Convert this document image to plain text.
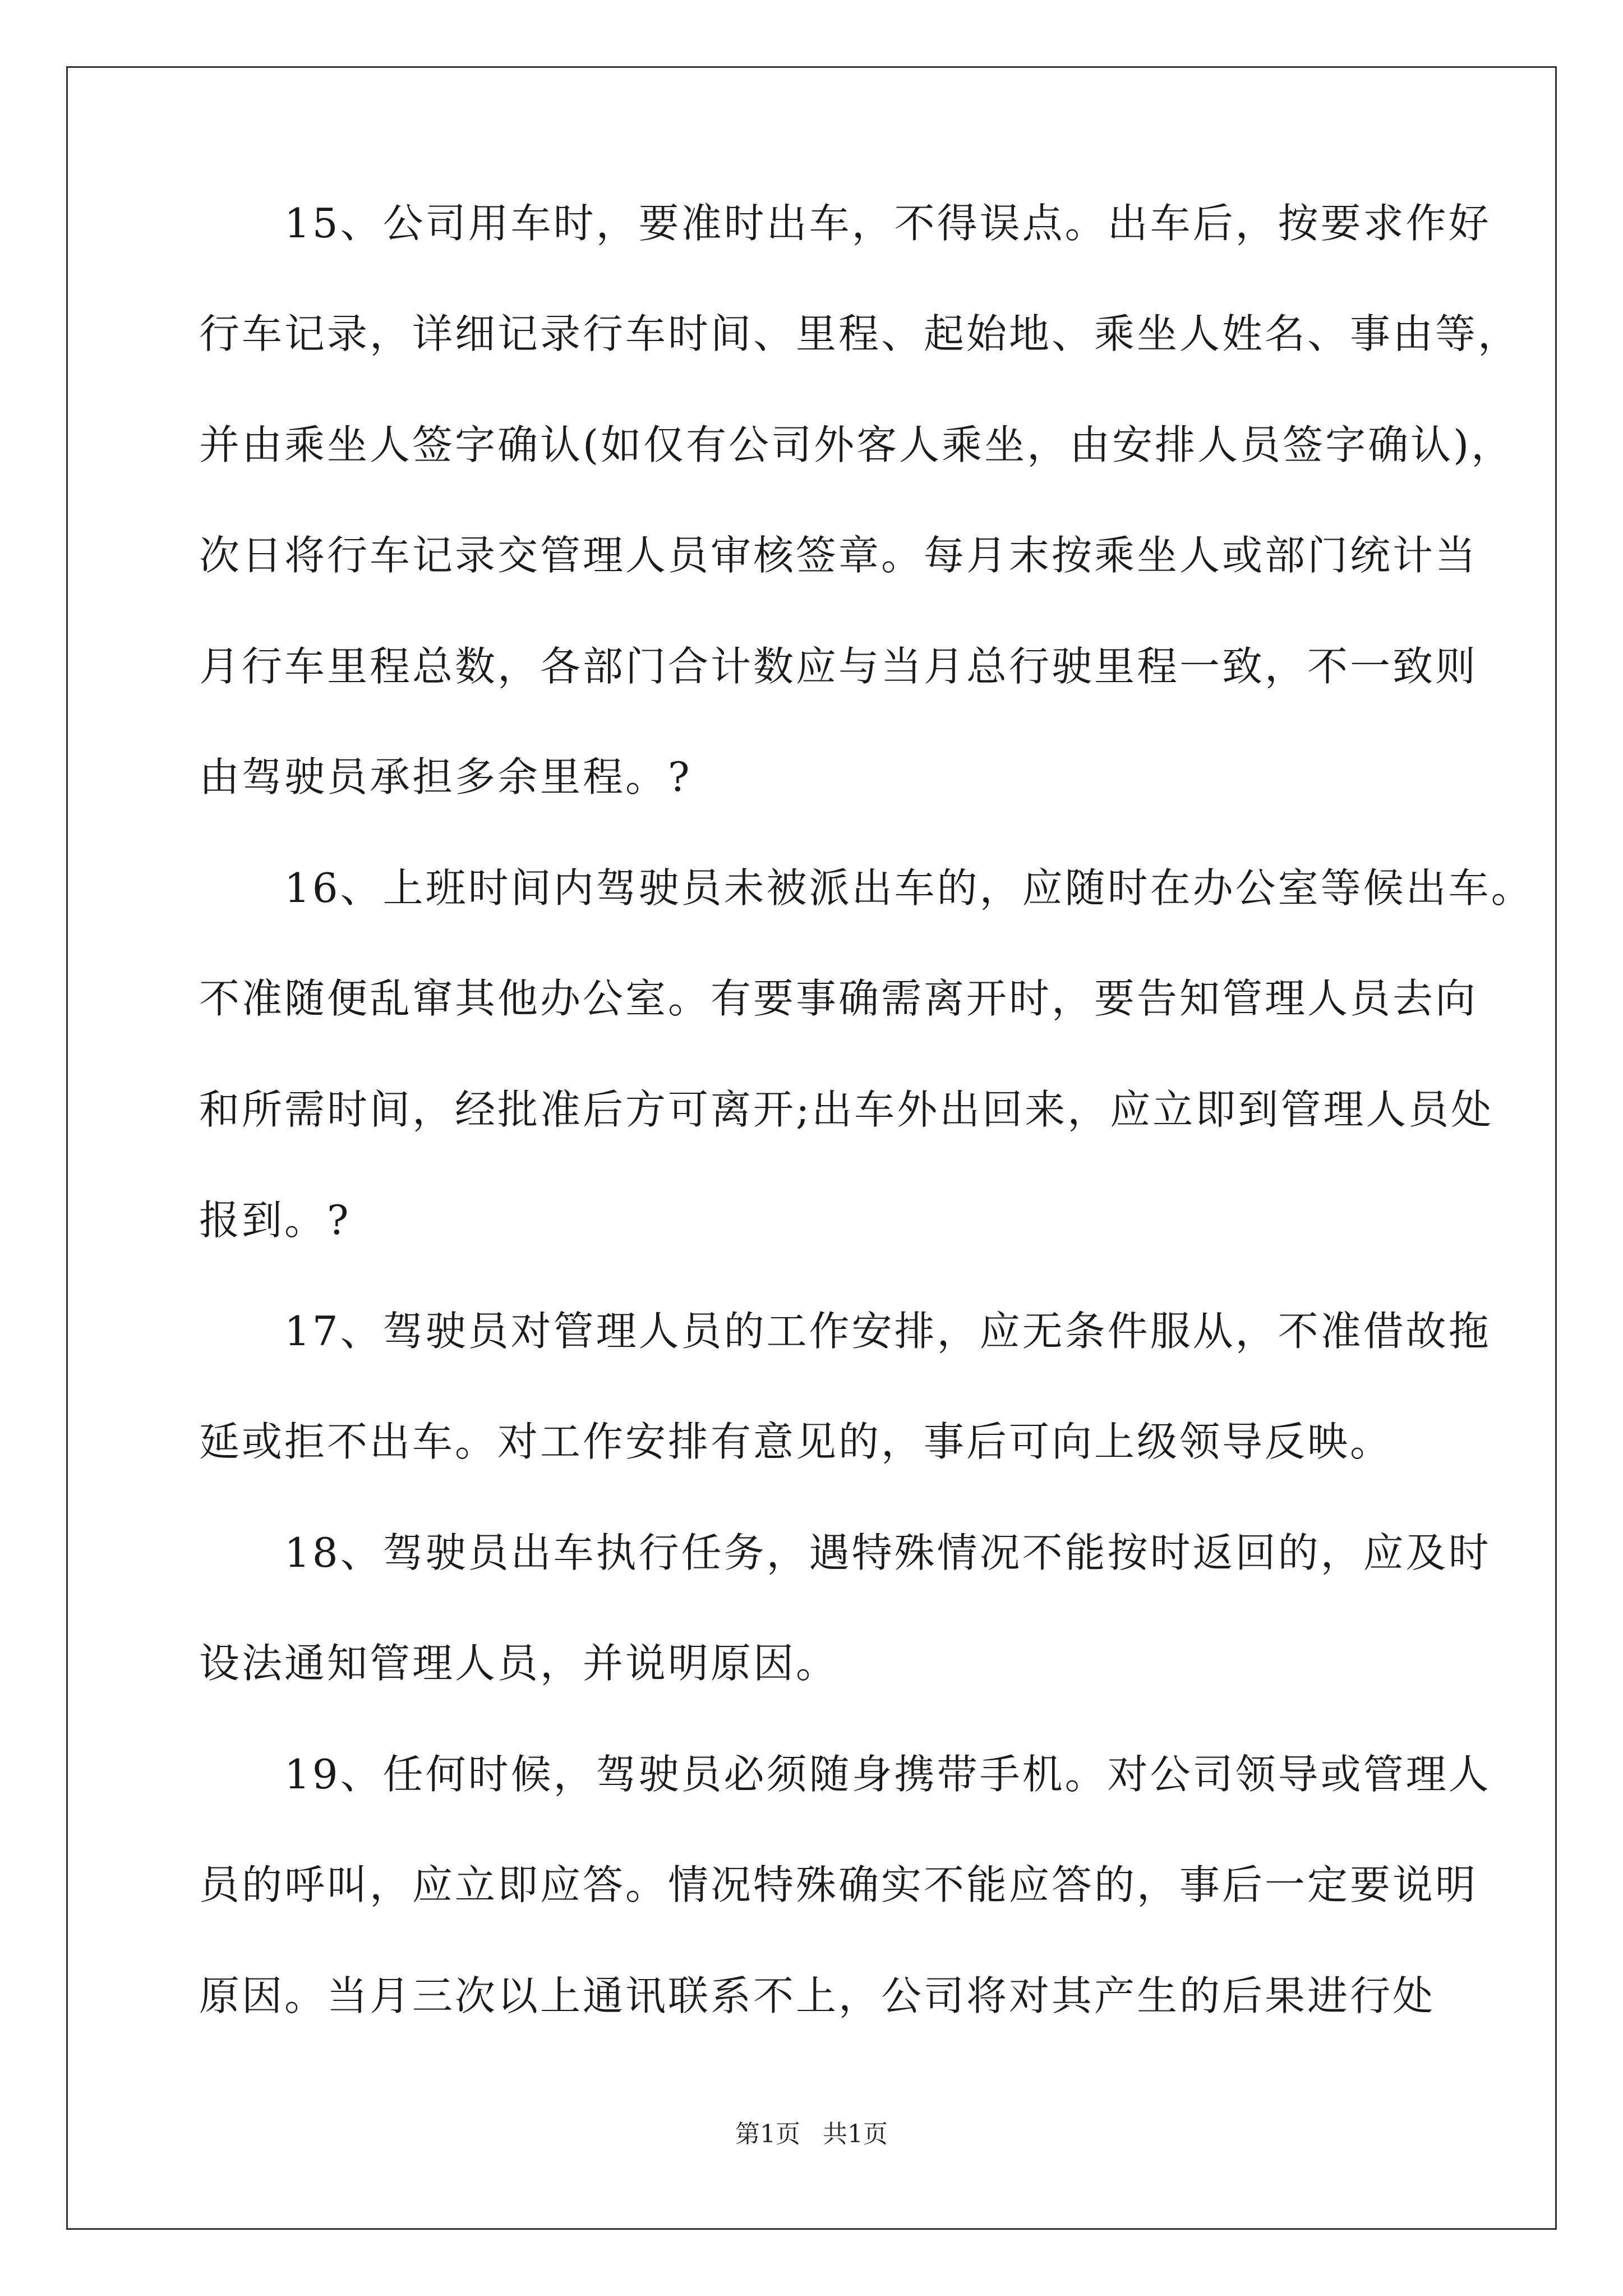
　　15、公司用车时，要准时出车，不得误点。出车后，按要求作好
行车记录，详细记录行车时间、里程、起始地、乘坐人姓名、事由等，
并由乘坐人签字确认(如仅有公司外客人乘坐，由安排人员签字确认)，
次日将行车记录交管理人员审核签章。每月末按乘坐人或部门统计当
月行车里程总数，各部门合计数应与当月总行驶里程一致，不一致则
由驾驶员承担多余里程。?
　　16、上班时间内驾驶员未被派出车的，应随时在办公室等候出车。
不准随便乱窜其他办公室。有要事确需离开时，要告知管理人员去向
和所需时间，经批准后方可离开;出车外出回来，应立即到管理人员处
报到。?
　　17、驾驶员对管理人员的工作安排，应无条件服从，不准借故拖
延或拒不出车。对工作安排有意见的，事后可向上级领导反映。
　　18、驾驶员出车执行任务，遇特殊情况不能按时返回的，应及时
设法通知管理人员，并说明原因。
　　19、任何时候，驾驶员必须随身携带手机。对公司领导或管理人
员的呼叫，应立即应答。情况特殊确实不能应答的，事后一定要说明
原因。当月三次以上通讯联系不上，公司将对其产生的后果进行处
第1页 共1页
